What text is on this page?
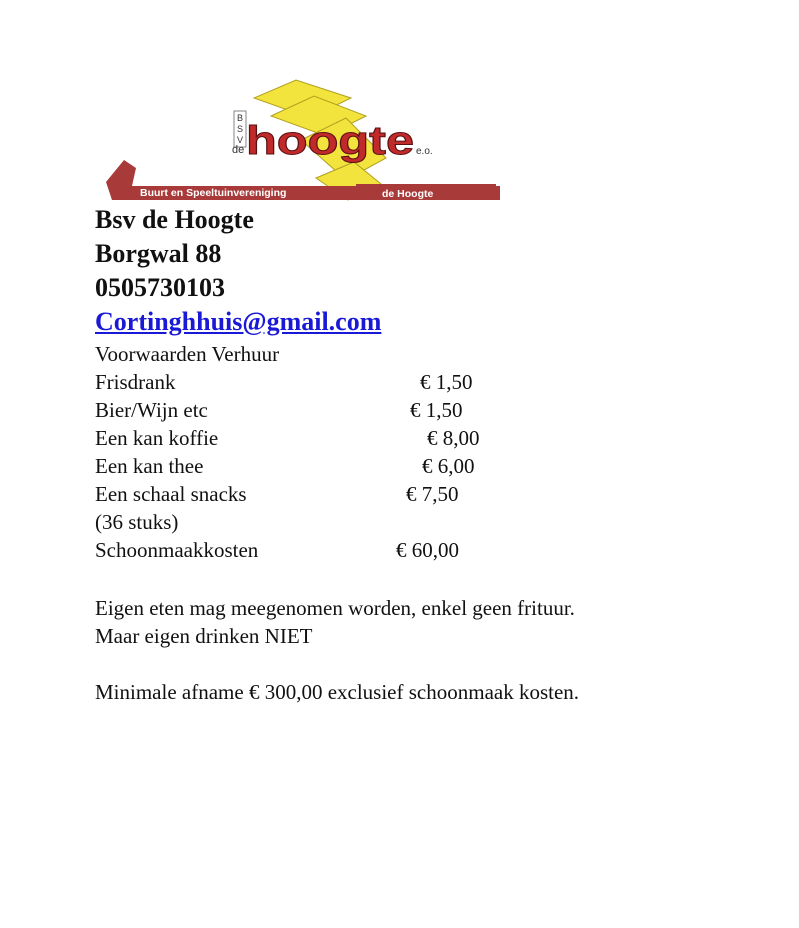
Buurt en Speeltuinvereniging	de Hoogte
B
S
V
de hoogte e.o.
Bsv de Hoogte
Borgwal 88
0505730103
Cortinghhuis@gmail.com
Voorwaarden Verhuur
Frisdrank	€ 1,50
Bier/Wijn etc	€ 1,50
Een kan koffie	€ 8,00
Een kan thee	€ 6,00
Een schaal snacks	€ 7,50
(36 stuks)
Schoonmaakkosten	€ 60,00
Eigen eten mag meegenomen worden, enkel geen frituur.
Maar eigen drinken NIET
Minimale afname € 300,00 exclusief schoonmaak kosten.
